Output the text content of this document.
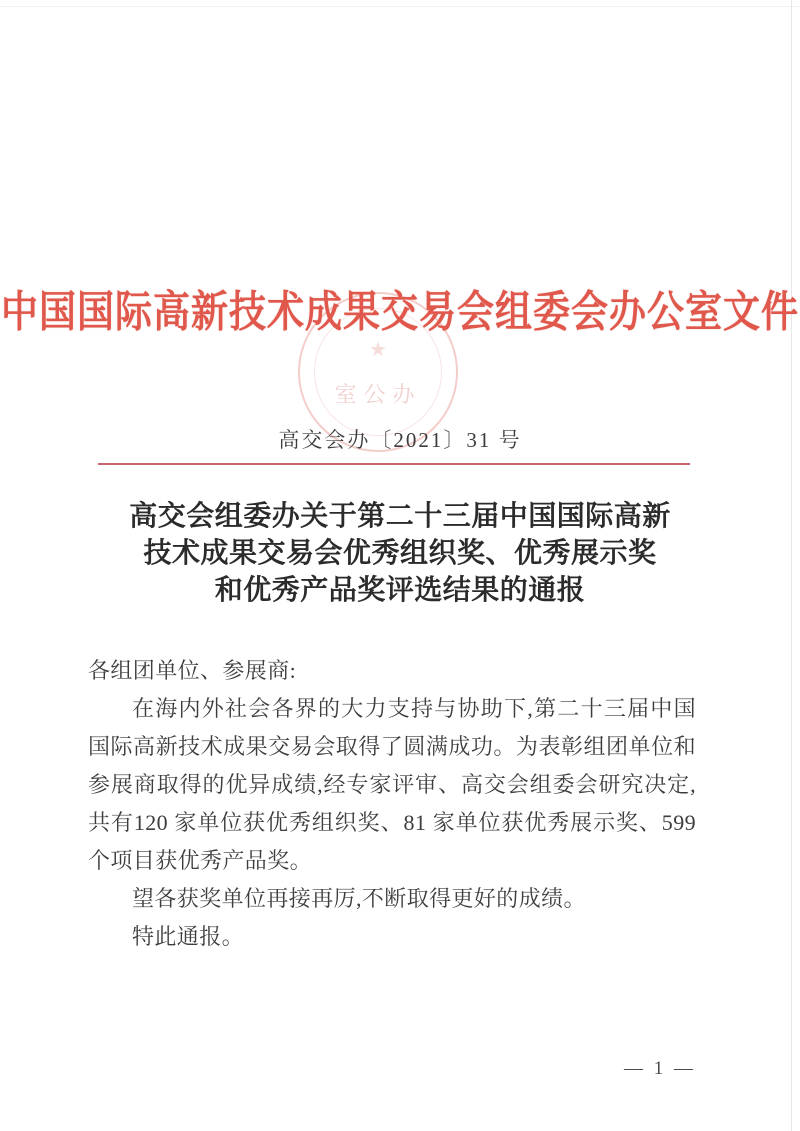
★
室公办
中国国际高新技术成果交易会组委会办公室文件
高交会办〔2021〕31 号
高交会组委办关于第二十三届中国国际高新
技术成果交易会优秀组织奖、优秀展示奖
和优秀产品奖评选结果的通报

各组团单位、参展商:

在海内外社会各界的大力支持与协助下,第二十三届中国国际高新技术成果交易会取得了圆满成功。为表彰组团单位和参展商取得的优异成绩,经专家评审、高交会组委会研究决定,共有120 家单位获优秀组织奖、81 家单位获优秀展示奖、599 个项目获优秀产品奖。

望各获奖单位再接再厉,不断取得更好的成绩。

特此通报。

— 1 —
